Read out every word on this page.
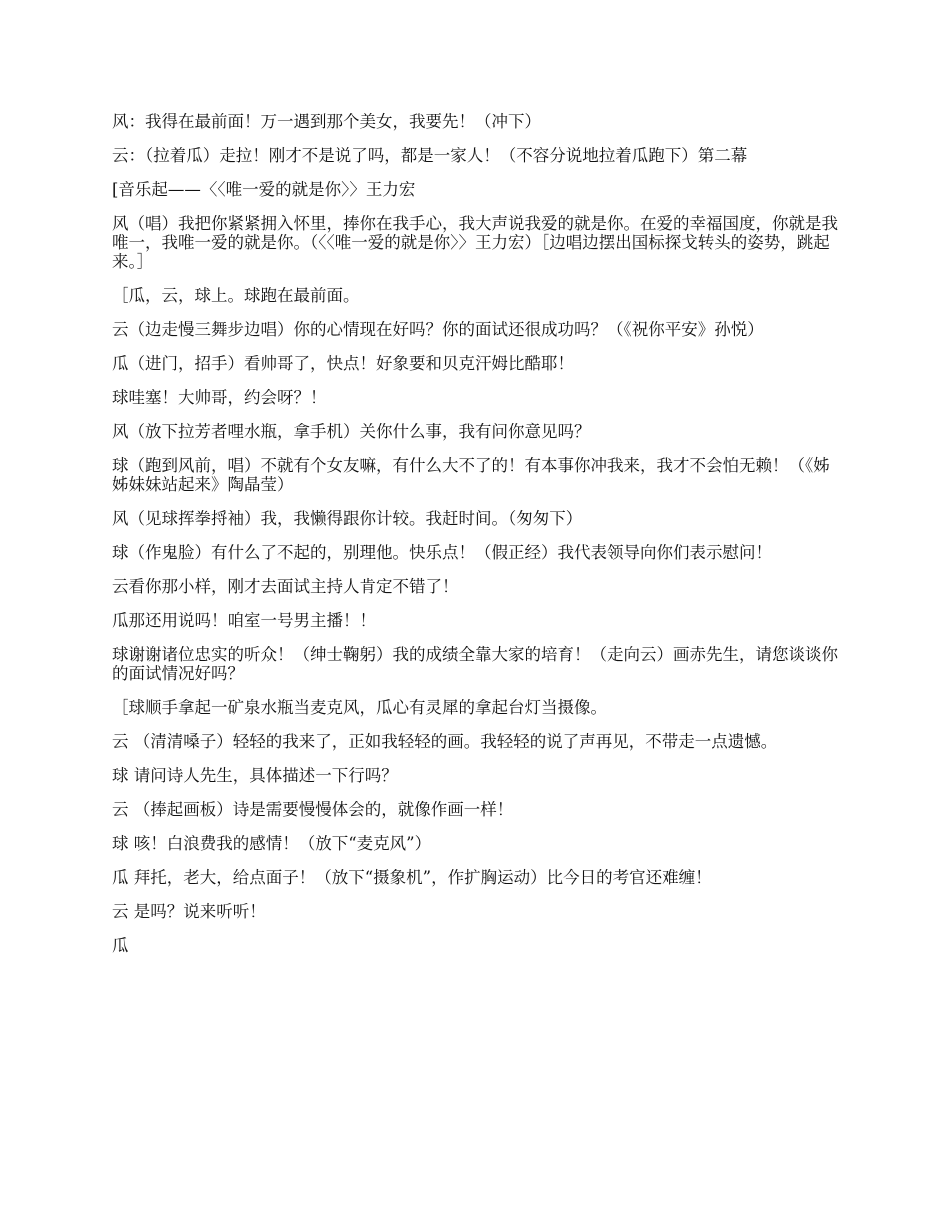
风：我得在最前面！万一遇到那个美女，我要先！（冲下）

云：（拉着瓜）走拉！刚才不是说了吗，都是一家人！（不容分说地拉着瓜跑下）第二幕

[音乐起——〈〈唯一爱的就是你〉〉王力宏

风（唱）我把你紧紧拥入怀里，捧你在我手心，我大声说我爱的就是你。在爱的幸福国度，你就是我唯一，我唯一爱的就是你。（〈〈唯一爱的就是你〉〉王力宏）［边唱边摆出国标探戈转头的姿势，跳起来。］

［瓜，云，球上。球跑在最前面。

云（边走慢三舞步边唱）你的心情现在好吗？你的面试还很成功吗？（《祝你平安》孙悦）

瓜（进门，招手）看帅哥了，快点！好象要和贝克汗姆比酷耶！

球哇塞！大帅哥，约会呀？！

风（放下拉芳者哩水瓶，拿手机）关你什么事，我有问你意见吗？

球（跑到风前，唱）不就有个女友嘛，有什么大不了的！有本事你冲我来，我才不会怕无赖！（《姊姊妹妹站起来》陶晶莹）

风（见球挥拳捋袖）我，我懒得跟你计较。我赶时间。（匆匆下）

球（作鬼脸）有什么了不起的，别理他。快乐点！（假正经）我代表领导向你们表示慰问！

云看你那小样，刚才去面试主持人肯定不错了！

瓜那还用说吗！咱室一号男主播！！

球谢谢诸位忠实的听众！（绅士鞠躬）我的成绩全靠大家的培育！（走向云）画赤先生，请您谈谈你的面试情况好吗？

［球顺手拿起一矿泉水瓶当麦克风，瓜心有灵犀的拿起台灯当摄像。

云 （清清嗓子）轻轻的我来了，正如我轻轻的画。我轻轻的说了声再见，不带走一点遗憾。

球 请问诗人先生，具体描述一下行吗？

云 （捧起画板）诗是需要慢慢体会的，就像作画一样！

球 咳！白浪费我的感情！（放下“麦克风”）

瓜 拜托，老大，给点面子！（放下“摄象机”，作扩胸运动）比今日的考官还难缠！

云 是吗？说来听听！

瓜
